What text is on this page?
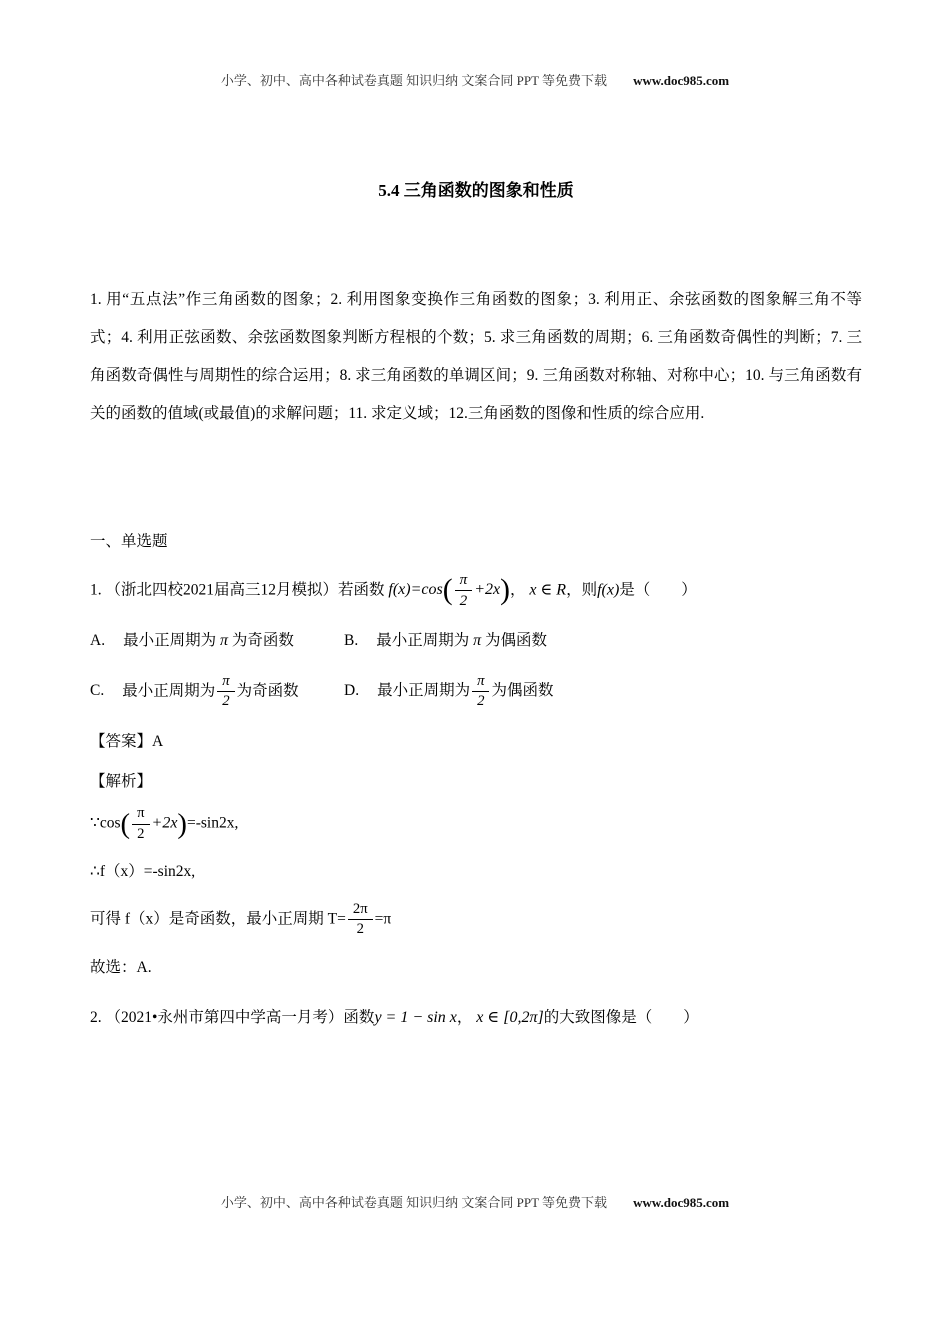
小学、初中、高中各种试卷真题 知识归纳 文案合同 PPT 等免费下载 www.doc985.com
5.4 三角函数的图象和性质

1. 用“五点法”作三角函数的图象；2. 利用图象变换作三角函数的图象；3. 利用正、余弦函数的图象解三角不等式；4. 利用正弦函数、余弦函数图象判断方程根的个数；5. 求三角函数的周期；6. 三角函数奇偶性的判断；7. 三角函数奇偶性与周期性的综合运用；8. 求三角函数的单调区间；9. 三角函数对称轴、对称中心；10. 与三角函数有关的函数的值域(或最值)的求解问题；11. 求定义域；12.三角函数的图像和性质的综合应用.

一、单选题

1. （浙北四校2021届高三12月模拟）若函数 $f(x)=\cos( \frac{\pi}{2} +2x)$， x ∈ R，则f(x)是（　　）
A. 最小正周期为 π 为奇函数	B. 最小正周期为 π 为偶函数
C. 最小正周期为 $\frac{\pi}{2}$ 为奇函数	D. 最小正周期为 $\frac{\pi}{2}$ 为偶函数

【答案】A

【解析】

∵cos( $\frac{\pi}{2} +2x)=-\sin 2x$,
∴f（x）=-sin2x,
可得 f（x）是奇函数，最小正周期 $T= \frac{2\pi}{2} =\pi$
故选：A.
2. （2021•永州市第四中学高一月考）函数y = 1 − sin x， x ∈ [0,2π]的大致图像是（　　）
小学、初中、高中各种试卷真题 知识归纳 文案合同 PPT 等免费下载 www.doc985.com
